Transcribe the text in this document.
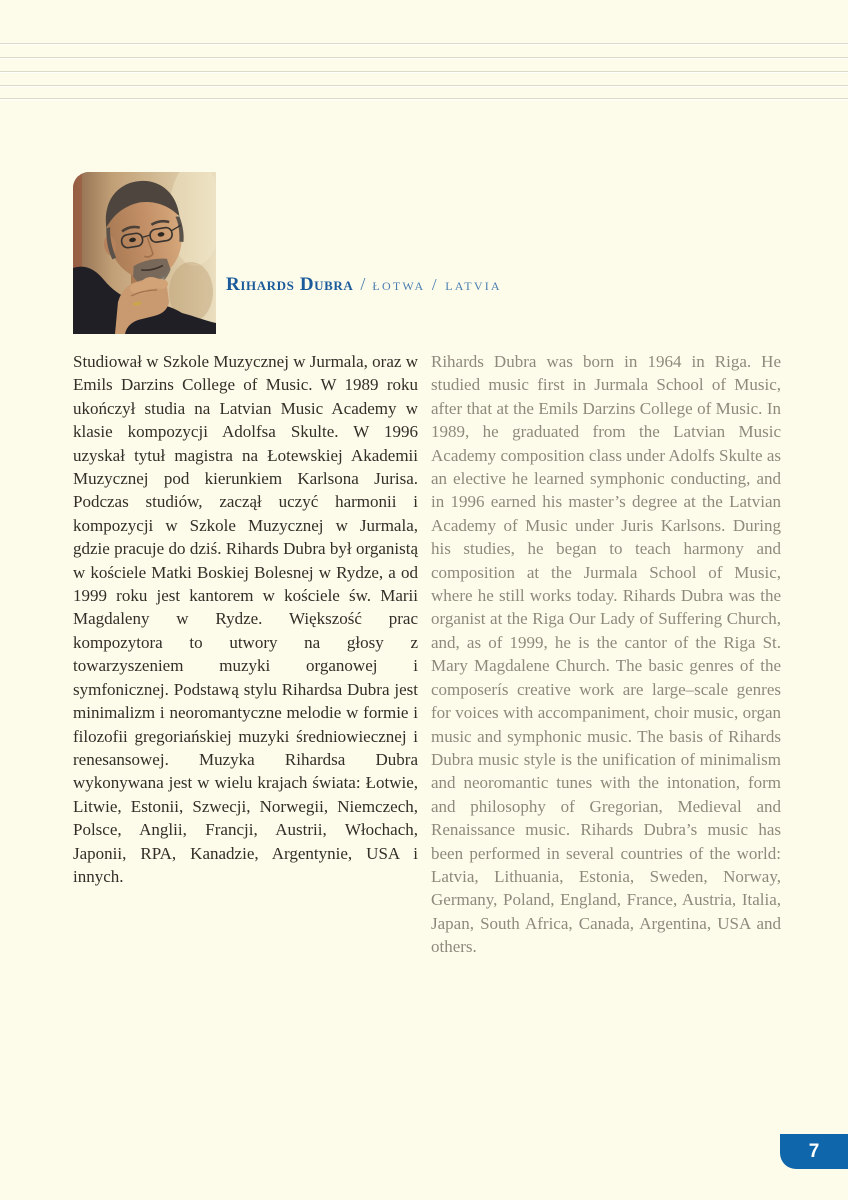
Rihards Dubra / łotwa / latvia

Studiował w Szkole Muzycznej w Jurmala, oraz w Emils Darzins College of Music. W 1989 roku ukończył studia na Latvian Music Academy w klasie kompozycji Adolfsa Skulte. W 1996 uzyskał tytuł magistra na Łotewskiej Akademii Muzycznej pod kierunkiem Karlsona Jurisa. Podczas studiów, zaczął uczyć harmonii i kompozycji w Szkole Muzycznej w Jurmala, gdzie pracuje do dziś. Rihards Dubra był organistą w kościele Matki Boskiej Bolesnej w Rydze, a od 1999 roku jest kantorem w kościele św. Marii Magdaleny w Rydze. Większość prac kompozytora to utwory na głosy z towarzyszeniem muzyki organowej i symfonicznej. Podstawą stylu Rihardsa Dubra jest minimalizm i neoromantyczne melodie w formie i filozofii gregoriańskiej muzyki średniowiecznej i renesansowej. Muzyka Rihardsa Dubra wykonywana jest w wielu krajach świata: Łotwie, Litwie, Estonii, Szwecji, Norwegii, Niemczech, Polsce, Anglii, Francji, Austrii, Włochach, Japonii, RPA, Kanadzie, Argentynie, USA i innych.

Rihards Dubra was born in 1964 in Riga. He studied music first in Jurmala School of Music, after that at the Emils Darzins College of Music. In 1989, he graduated from the Latvian Music Academy composition class under Adolfs Skulte as an elective he learned symphonic conducting, and in 1996 earned his master’s degree at the Latvian Academy of Music under Juris Karlsons. During his studies, he began to teach harmony and composition at the Jurmala School of Music, where he still works today. Rihards Dubra was the organist at the Riga Our Lady of Suffering Church, and, as of 1999, he is the cantor of the Riga St. Mary Magdalene Church. The basic genres of the composerís creative work are large–scale genres for voices with accompaniment, choir music, organ music and symphonic music. The basis of Rihards Dubra music style is the unification of minimalism and neoromantic tunes with the intonation, form and philosophy of Gregorian, Medieval and Renaissance music. Rihards Dubra’s music has been performed in several countries of the world: Latvia, Lithuania, Estonia, Sweden, Norway, Germany, Poland, England, France, Austria, Italia, Japan, South Africa, Canada, Argentina, USA and others.

7
